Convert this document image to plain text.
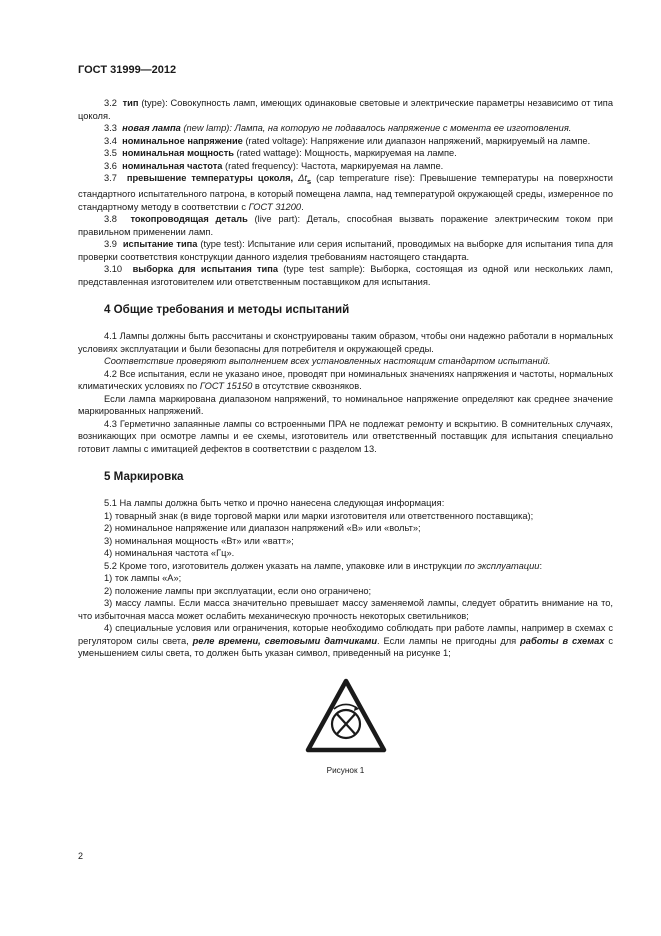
ГОСТ 31999—2012

3.2 тип (type): Совокупность ламп, имеющих одинаковые световые и электрические параметры независимо от типа цоколя.

3.3 новая лампа (new lamp): Лампа, на которую не подавалось напряжение с момента ее изготовления.

3.4 номинальное напряжение (rated voltage): Напряжение или диапазон напряжений, маркируемый на лампе.

3.5 номинальная мощность (rated wattage): Мощность, маркируемая на лампе.

3.6 номинальная частота (rated frequency): Частота, маркируемая на лампе.

3.7 превышение температуры цоколя, $\Delta t_s$ (cap temperature rise): Превышение температуры на поверхности стандартного испытательного патрона, в который помещена лампа, над температурой окружающей среды, измеренное по стандартному методу в соответствии с ГОСТ 31200.

3.8 токопроводящая деталь (live part): Деталь, способная вызвать поражение электрическим током при правильном применении ламп.

3.9 испытание типа (type test): Испытание или серия испытаний, проводимых на выборке для испытания типа для проверки соответствия конструкции данного изделия требованиям настоящего стандарта.

3.10 выборка для испытания типа (type test sample): Выборка, состоящая из одной или нескольких ламп, представленная изготовителем или ответственным поставщиком для испытания.

4 Общие требования и методы испытаний

4.1 Лампы должны быть рассчитаны и сконструированы таким образом, чтобы они надежно работали в нормальных условиях эксплуатации и были безопасны для потребителя и окружающей среды.

Соответствие проверяют выполнением всех установленных настоящим стандартом испытаний.

4.2 Все испытания, если не указано иное, проводят при номинальных значениях напряжения и частоты, нормальных климатических условиях по ГОСТ 15150 в отсутствие сквозняков.

Если лампа маркирована диапазоном напряжений, то номинальное напряжение определяют как среднее значение маркированных напряжений.

4.3 Герметично запаянные лампы со встроенными ПРА не подлежат ремонту и вскрытию. В сомнительных случаях, возникающих при осмотре лампы и ее схемы, изготовитель или ответственный поставщик для испытания специально готовит лампы с имитацией дефектов в соответствии с разделом 13.

5 Маркировка

5.1 На лампы должна быть четко и прочно нанесена следующая информация:

1) товарный знак (в виде торговой марки или марки изготовителя или ответственного поставщика);

2) номинальное напряжение или диапазон напряжений «В» или «вольт»;

3) номинальная мощность «Вт» или «ватт»;

4) номинальная частота «Гц».

5.2 Кроме того, изготовитель должен указать на лампе, упаковке или в инструкции по эксплуатации:

1) ток лампы «А»;

2) положение лампы при эксплуатации, если оно ограничено;

3) массу лампы. Если масса значительно превышает массу заменяемой лампы, следует обратить внимание на то, что избыточная масса может ослабить механическую прочность некоторых светильников;

4) специальные условия или ограничения, которые необходимо соблюдать при работе лампы, например в схемах с регулятором силы света, реле времени, световыми датчиками. Если лампы не пригодны для работы в схемах с уменьшением силы света, то должен быть указан символ, приведенный на рисунке 1;

Рисунок 1
2
